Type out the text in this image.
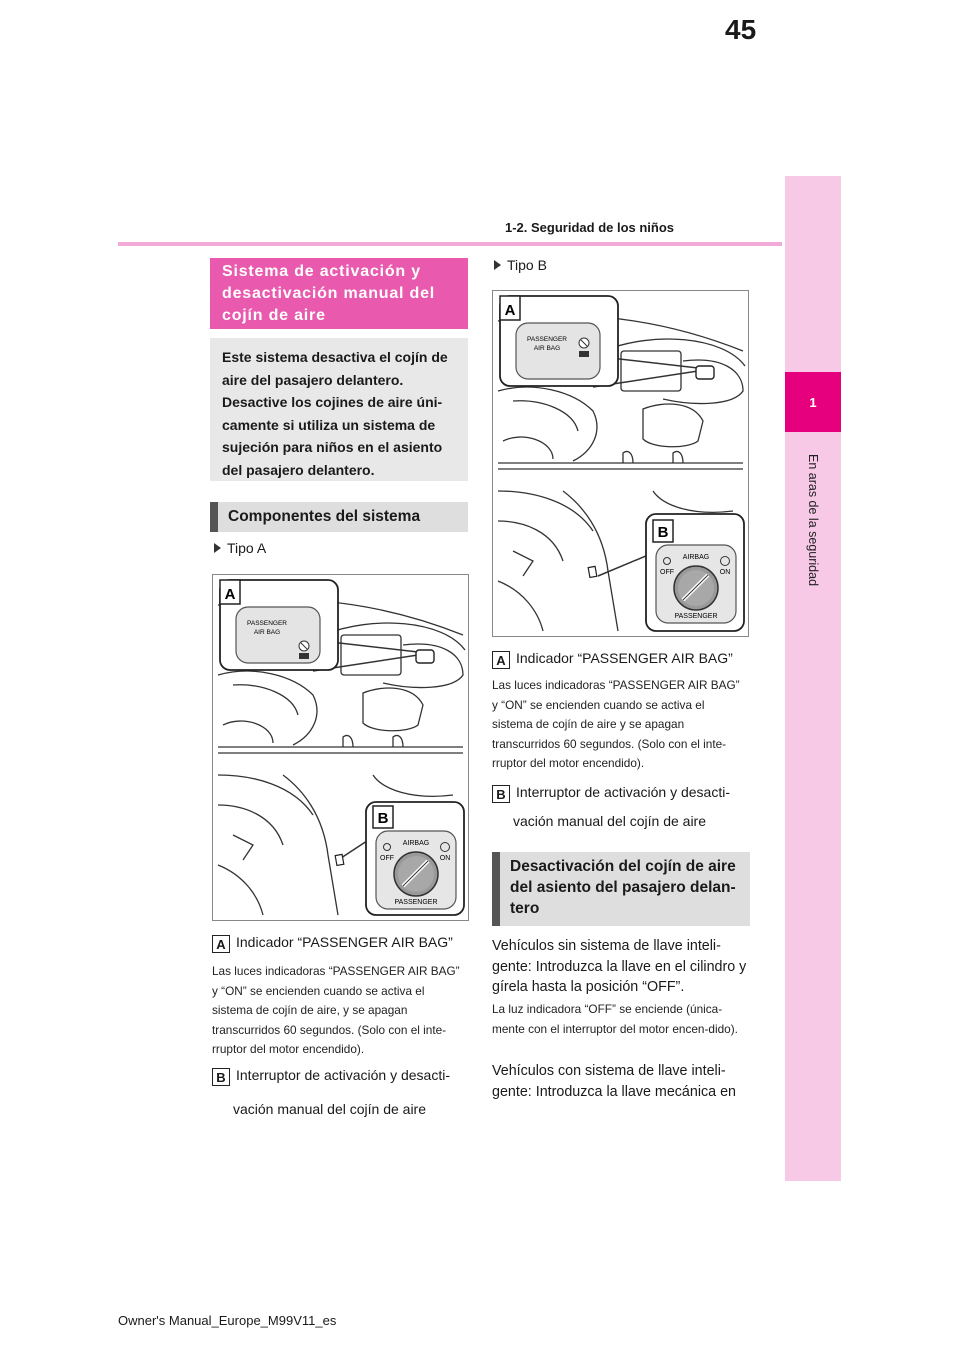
45
1-2. Seguridad de los niños
1
En aras de la seguridad
Sistema de activación y desactivación manual del cojín de aire
Este sistema desactiva el cojín de aire del pasajero delantero. Desactive los cojines de aire úni-camente si utiliza un sistema de sujeción para niños en el asiento del pasajero delantero.
Componentes del sistema
Tipo A
A
PASSENGER
AIR BAG
B
AIRBAG
OFF	ON
PASSENGER
A Indicador “PASSENGER AIR BAG”
Las luces indicadoras “PASSENGER AIR BAG” y “ON” se encienden cuando se activa el sistema de cojín de aire, y se apagan transcurridos 60 segundos. (Solo con el inte-rruptor del motor encendido).
B Interruptor de activación y desacti-
vación manual del cojín de aire
Tipo B
A
PASSENGER
AIR BAG
B
AIRBAG
OFF	ON
PASSENGER
A Indicador “PASSENGER AIR BAG”
Las luces indicadoras “PASSENGER AIR BAG” y “ON” se encienden cuando se activa el sistema de cojín de aire y se apagan transcurridos 60 segundos. (Solo con el inte-rruptor del motor encendido).
B Interruptor de activación y desacti-
vación manual del cojín de aire
Desactivación del cojín de aire del asiento del pasajero delan-tero
Vehículos sin sistema de llave inteli-gente: Introduzca la llave en el cilindro y gírela hasta la posición “OFF”.
La luz indicadora “OFF” se enciende (única-mente con el interruptor del motor encen-dido).
Vehículos con sistema de llave inteli-gente: Introduzca la llave mecánica en
Owner's Manual_Europe_M99V11_es
